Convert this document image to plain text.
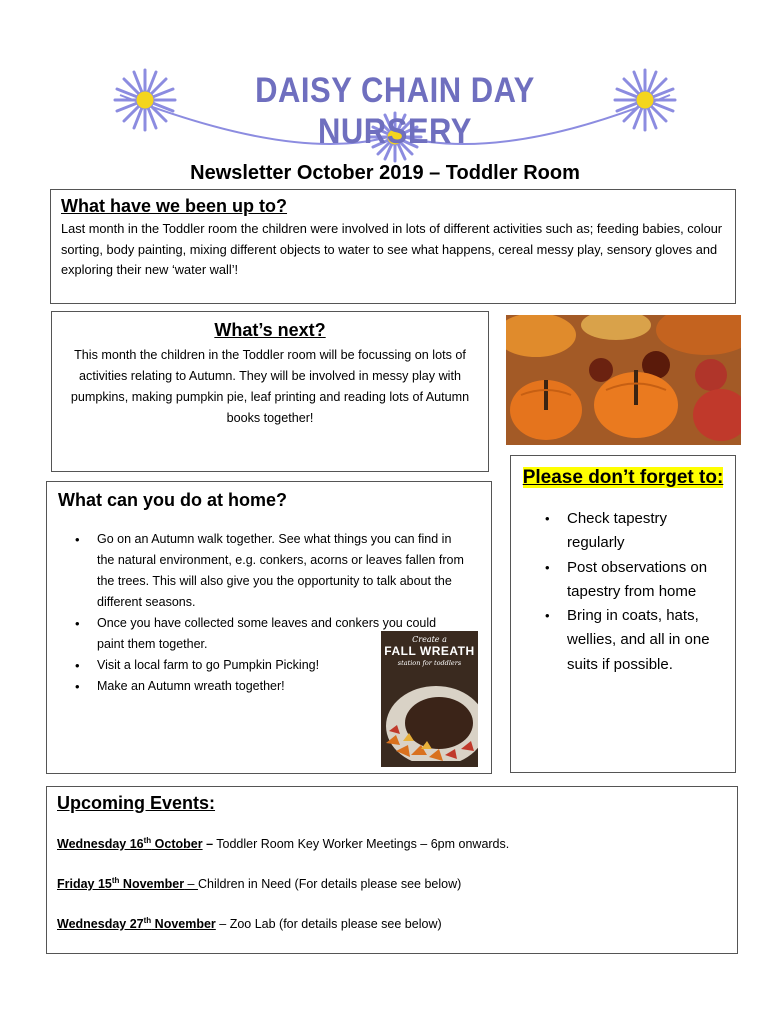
DAISY CHAIN DAY NURSERY
Newsletter October 2019 – Toddler Room
What have we been up to?
Last month in the Toddler room the children were involved in lots of different activities such as; feeding babies, colour sorting, body painting, mixing different objects to water to see what happens, cereal messy play, sensory gloves and exploring their new ‘water wall’!
What’s next?
This month the children in the Toddler room will be focussing on lots of activities relating to Autumn. They will be involved in messy play with pumpkins, making pumpkin pie, leaf printing and reading lots of Autumn books together!
What can you do at home?
• Go on an Autumn walk together. See what things you can find in the natural environment, e.g. conkers, acorns or leaves fallen from the trees. This will also give you the opportunity to talk about the different seasons.
• Once you have collected some leaves and conkers you could paint them together.
• Visit a local farm to go Pumpkin Picking!
• Make an Autumn wreath together!
Create a
FALL WREATH
station for toddlers
Please don’t forget to:
• Check tapestry regularly
• Post observations on tapestry from home
• Bring in coats, hats, wellies, and all in one suits if possible.
Upcoming Events:
Wednesday 16th October – Toddler Room Key Worker Meetings – 6pm onwards.
Friday 15th November – Children in Need (For details please see below)
Wednesday 27th November – Zoo Lab (for details please see below)
